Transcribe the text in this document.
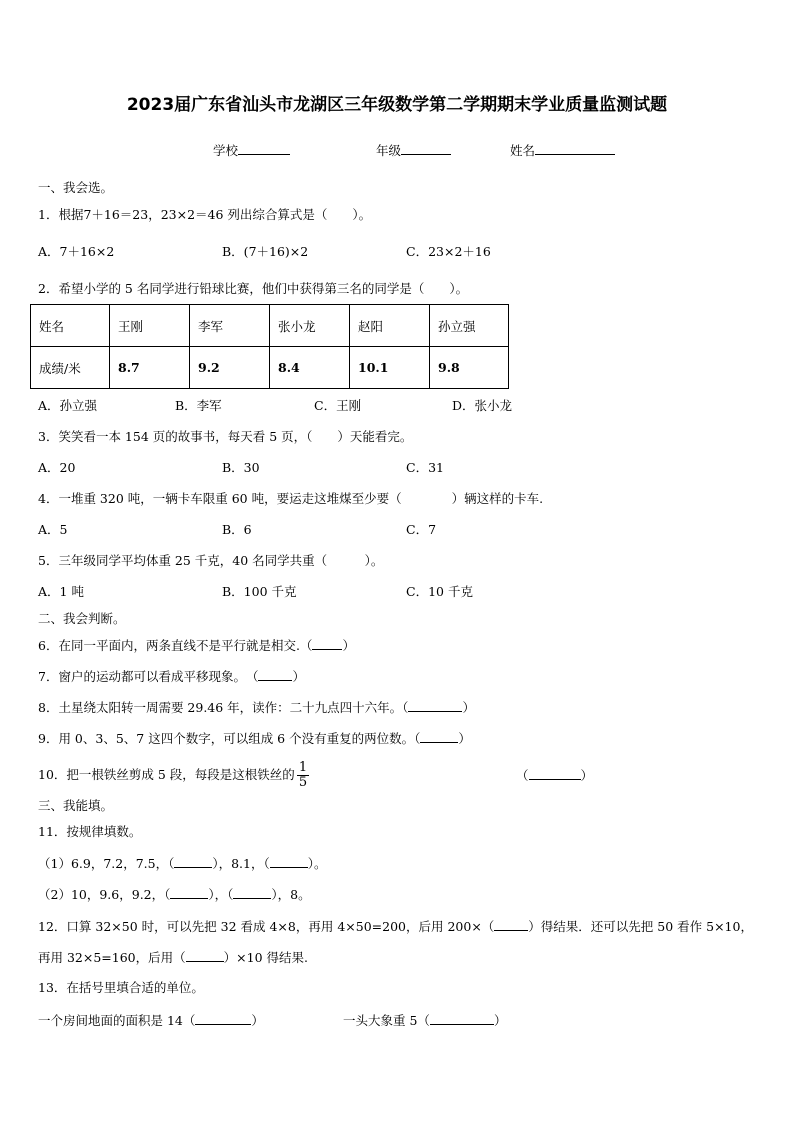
2023届广东省汕头市龙湖区三年级数学第二学期期末学业质量监测试题
学校	年级	姓名
一、我会选。
1．根据7＋16＝23，23×2＝46 列出综合算式是（　　）。
A．7＋16×2	B．(7＋16)×2	C．23×2＋16
2．希望小学的 5 名同学进行铅球比赛，他们中获得第三名的同学是（　　）。
姓名	王刚	李军	张小龙	赵阳	孙立强
成绩/米	8.7	9.2	8.4	10.1	9.8
A．孙立强	B．李军	C．王刚	D．张小龙
3．笑笑看一本 154 页的故事书，每天看 5 页，（　　）天能看完。
A．20	B．30	C．31
4．一堆重 320 吨，一辆卡车限重 60 吨，要运走这堆煤至少要（　　　　）辆这样的卡车.
A．5	B．6	C．7
5．三年级同学平均体重 25 千克，40 名同学共重（　　　）。
A．1 吨	B．100 千克	C．10 千克
二、我会判断。
6．在同一平面内，两条直线不是平行就是相交.（ ）
7．窗户的运动都可以看成平移现象。　（	）
8．土星绕太阳转一周需要 29.46 年，读作：二十九点四十六年。（	）
9．用 0、3、5、7 这四个数字，可以组成 6 个没有重复的两位数。（	）
10．把一根铁丝剪成 5 段，每段是这根铁丝的 $\frac{1}{5}$	（	）
三、我能填。
11．按规律填数。
（1）6.9，7.2，7.5，（	），8.1，（	）。
（2）10，9.6，9.2，（	），（	），8。
12．口算 32×50 时，可以先把 32 看成 4×8，再用 4×50=200，后用 200×（	）得结果．还可以先把 50 看作 5×10，
再用 32×5=160，后用（	）×10 得结果.
13．在括号里填合适的单位。
一个房间地面的面积是 14（	）	一头大象重 5（	）
